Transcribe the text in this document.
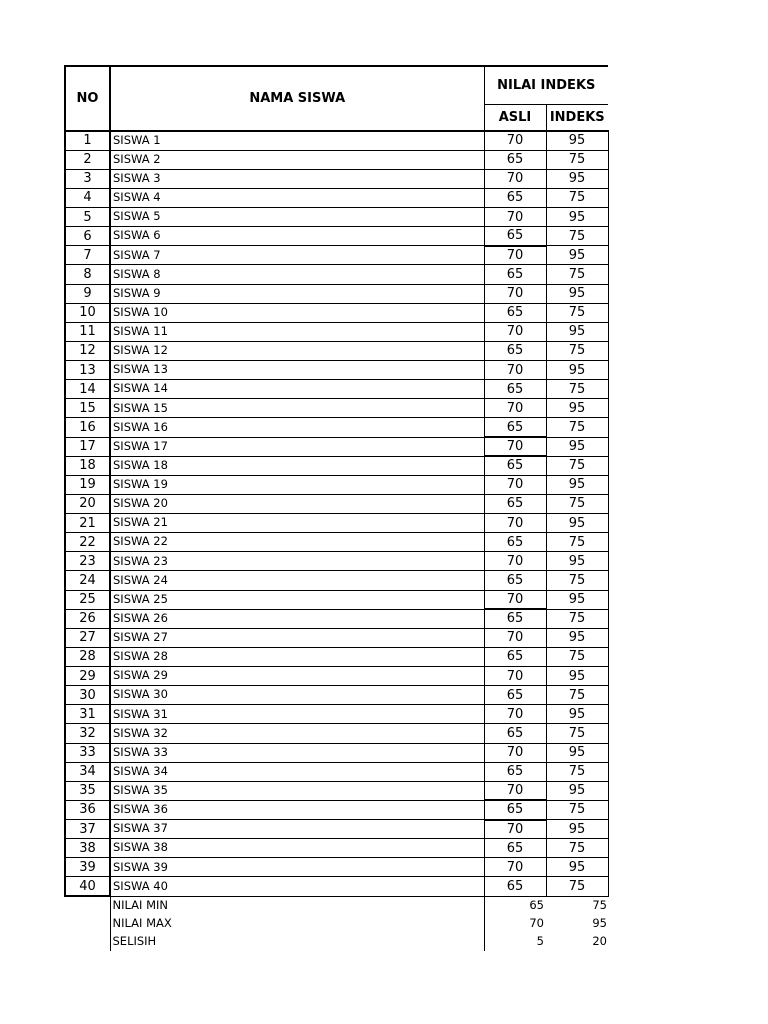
NO	NAMA SISWA	NILAI INDEKS	
		ASLI	INDEKS
1	SISWA 1	70	95
2	SISWA 2	65	75
3	SISWA 3	70	95
4	SISWA 4	65	75
5	SISWA 5	70	95
6	SISWA 6	65	75
7	SISWA 7	70	95
8	SISWA 8	65	75
9	SISWA 9	70	95
10	SISWA 10	65	75
11	SISWA 11	70	95
12	SISWA 12	65	75
13	SISWA 13	70	95
14	SISWA 14	65	75
15	SISWA 15	70	95
16	SISWA 16	65	75
17	SISWA 17	70	95
18	SISWA 18	65	75
19	SISWA 19	70	95
20	SISWA 20	65	75
21	SISWA 21	70	95
22	SISWA 22	65	75
23	SISWA 23	70	95
24	SISWA 24	65	75
25	SISWA 25	70	95
26	SISWA 26	65	75
27	SISWA 27	70	95
28	SISWA 28	65	75
29	SISWA 29	70	95
30	SISWA 30	65	75
31	SISWA 31	70	95
32	SISWA 32	65	75
33	SISWA 33	70	95
34	SISWA 34	65	75
35	SISWA 35	70	95
36	SISWA 36	65	75
37	SISWA 37	70	95
38	SISWA 38	65	75
39	SISWA 39	70	95
40	SISWA 40	65	75
	NILAI MIN	65	75
	NILAI MAX	70	95
	SELISIH	5	20
